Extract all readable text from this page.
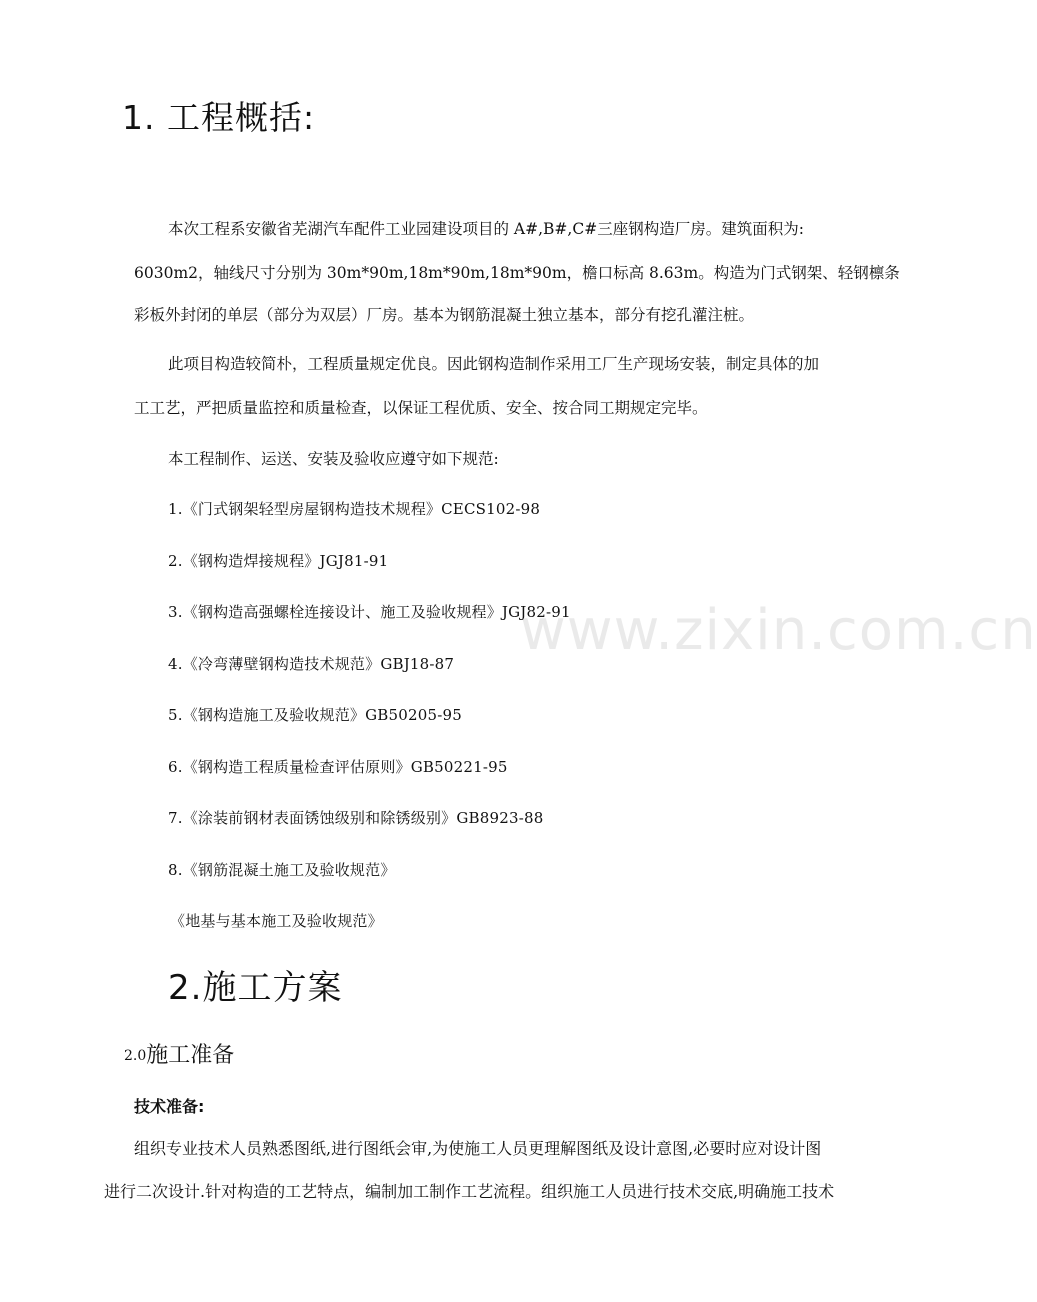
1. 工程概括:
本次工程系安徽省芜湖汽车配件工业园建设项目的 A#,B#,C#三座钢构造厂房。建筑面积为:
6030m2，轴线尺寸分别为 30m*90m,18m*90m,18m*90m，檐口标高 8.63m。构造为门式钢架、轻钢檩条
彩板外封闭的单层（部分为双层）厂房。基本为钢筋混凝土独立基本，部分有挖孔灌注桩。
此项目构造较简朴，工程质量规定优良。因此钢构造制作采用工厂生产现场安装，制定具体的加
工工艺，严把质量监控和质量检查，以保证工程优质、安全、按合同工期规定完毕。
本工程制作、运送、安装及验收应遵守如下规范:
1.《门式钢架轻型房屋钢构造技术规程》CECS102-98
2.《钢构造焊接规程》JGJ81-91
3.《钢构造高强螺栓连接设计、施工及验收规程》JGJ82-91
4.《冷弯薄壁钢构造技术规范》GBJ18-87
5.《钢构造施工及验收规范》GB50205-95
6.《钢构造工程质量检查评估原则》GB50221-95
7.《涂装前钢材表面锈蚀级别和除锈级别》GB8923-88
8.《钢筋混凝土施工及验收规范》
《地基与基本施工及验收规范》
2.施工方案
2.0施工准备
技术准备:
组织专业技术人员熟悉图纸,进行图纸会审,为使施工人员更理解图纸及设计意图,必要时应对设计图
进行二次设计.针对构造的工艺特点，编制加工制作工艺流程。组织施工人员进行技术交底,明确施工技术
www.zixin.com.cn
